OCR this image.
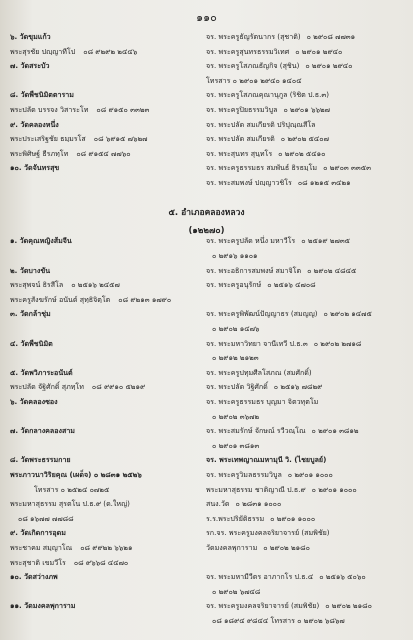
๑๑๐
๕. อำเภอคลองหลวง
(๑๒๒๗๐)
๖. วัดขุมแก้ว	จร. พระครูธัญรัตนากร (สุชาติ) ๐ ๒๙๐๘ ๗๗๓๑
พระสุรชัย ปญฺญาทีโป ๐๘ ๙๒๙๒ ๒๔๔๖	จร. พระครูสุนทรธรรมวิเทศ ๐ ๒๙๐๑ ๒๙๔๐
๗. วัดสระบัว	จร. พระครูโสภณธัญกิจ (สุชิน) ๐ ๒๙๐๑ ๒๙๔๐
โทรสาร ๐ ๒๙๐๑ ๒๙๔๐ ๑๔๐๔
๘. วัดพืชนิมิตตาราม	จร. พระครูโสภณคุณานุกูล (ริชิต ป.ธ.๓)
พระปลัด บรรจง วิสาระโท ๐๘ ๙๑๕๐ ๓๓๒๓	จร. พระครูปิยธรรมวิบูล ๐ ๒๙๐๑ ๖๖๒๗
๙. วัดคลองหนึ่ง	จร. พระปลัด สมเกียรติ ปริปุณฺณสีโล
พระประเสริฐชัย ธมฺมรโส ๐๘ ๖๙๑๕ ๗๖๒๗	จร. พระปลัด สมเกียรติ ๐ ๒๙๐๒ ๕๔๐๗
พระพิศิษฐ์ ธีรภทฺโท ๐๘ ๙๑๕๔ ๗๗๖๐	จร. พระสุนทร สุนฺทโร ๐ ๒๙๐๒ ๕๔๑๐
๑๐. วัดจันทรสุข	จร. พระครูธรรมธร สมพันธ์ ธิรธมฺโม ๐ ๒๙๐๓ ๓๓๕๓
จร. พระสมพงษ์ ปญฺญาวชิโร ๐๘ ๑๒๑๕ ๓๔๒๑
๑. วัดคุณหญิงส้มจีน	จร. พระครูปลัด หนึ่ง มหาวีโร ๐ ๒๕๑๙ ๒๗๓๕
๐ ๒๙๑๖ ๑๑๐๑
๒. วัดบางขัน	จร. พระอธิการสมพงษ์ สมาจิโต ๐ ๒๙๐๒ ๔๘๔๕
พระสุพจน์ ธิรสีโล ๐ ๒๕๑๖ ๒๔๕๗	จร. พระครูอนุรักษ์ ๐ ๒๕๑๖ ๔๗๐๘
พระครูสังฆรักษ์ อนันต์ สุทฺธิจิตฺโต ๐๘ ๙๒๑๓ ๑๗๙๐
๓. วัดกล้าชุ่ม	จร. พระครูพิพัฒน์ปัญญาธร (สมญญ) ๐ ๒๙๐๒ ๑๔๗๕
๐ ๒๙๐๒ ๑๔๗๖
๔. วัดพืชนิมิต	จร. พระมหาวิทยา จานีเทวี ป.ธ.๓ ๐ ๒๙๐๒ ๒๗๑๘
๐ ๒๙๑๒ ๒๑๒๓
๕. วัดพวิภาระอนันต์	จร. พระครูปทุมศีลโสภณ (สมศักดิ์)
พระปลัด จัฐิศักดิ์ สุภทฺโท ๐๘ ๙๙๑๐ ๕๒๑๙	จร. พระปลัด วิฐิศักดิ์ ๐ ๒๕๑๖ ๗๘๒๙
๖. วัดคลองซอง	จร. พระครูธรรมธร บุญมา จิตวทุตโม
๐ ๒๙๐๒ ๓๖๗๒
๗. วัดกลางคลองสาม	จร. พระสมรักษ์ จักษณ์ รวีวณฺโณ ๐ ๒๙๐๑ ๓๘๑๒
๐ ๒๙๐๑ ๓๘๑๓
๘. วัดพระธรรมกาย	จร. พระเทพญาณมหามุนี วิ. (ไชยบูลย์)
พระภาวนาวิริยคุณ (เผด็จ) ๐ ๒๘๓๑ ๒๕๒๖	จร. พระครูวิมลธรรมวิบูล ๐ ๒๙๐๑ ๑๐๐๐
โทรสาร ๐ ๒๕๒๔ ๐๗๒๕	พระมหาสุธรรม ชาติญาณี ป.ธ.๙ ๐ ๒๙๐๑ ๑๐๐๐
พระมหาสุธรรม สุรตโน ป.ธ.๙ (ด.ใหญ่)	สนง.วัด ๐ ๒๘๓๑ ๑๐๐๐
๐๘ ๑๖๗๗ ๗๗๘๘	ร.ร.พระปริยัติธรรม ๐ ๒๙๐๑ ๑๐๐๐
๙. วัดเกิดการอุดม	รก.จร. พระครูมงคลจริยาจารย์ (สมพิชัย)
พระชาคม สมฺญาโณ ๐๘ ๙๙๒๒ ๖๖๒๑	วัดมงคลพุการาม ๐ ๒๙๐๒ ๒๑๘๐
พระสุชาติ เขมวีโร ๐๘ ๙๖๖๘ ๔๔๗๐
๑๐. วัดสว่างภพ	จร. พระมหามีวีตร อาภากโร ป.ธ.๔ ๐ ๒๕๑๖ ๕๐๖๐
๐ ๒๙๐๒ ๖๗๔๘
๑๑. วัดมงคลพุการาม	จร. พระครูมงคลจริยาจารย์ (สมพิชัย) ๐ ๒๙๐๒ ๒๑๘๐
๐๘ ๑๘๙๔ ๙๘๔๔ โทรสาร ๐ ๒๙๐๒ ๖๘๖๗
